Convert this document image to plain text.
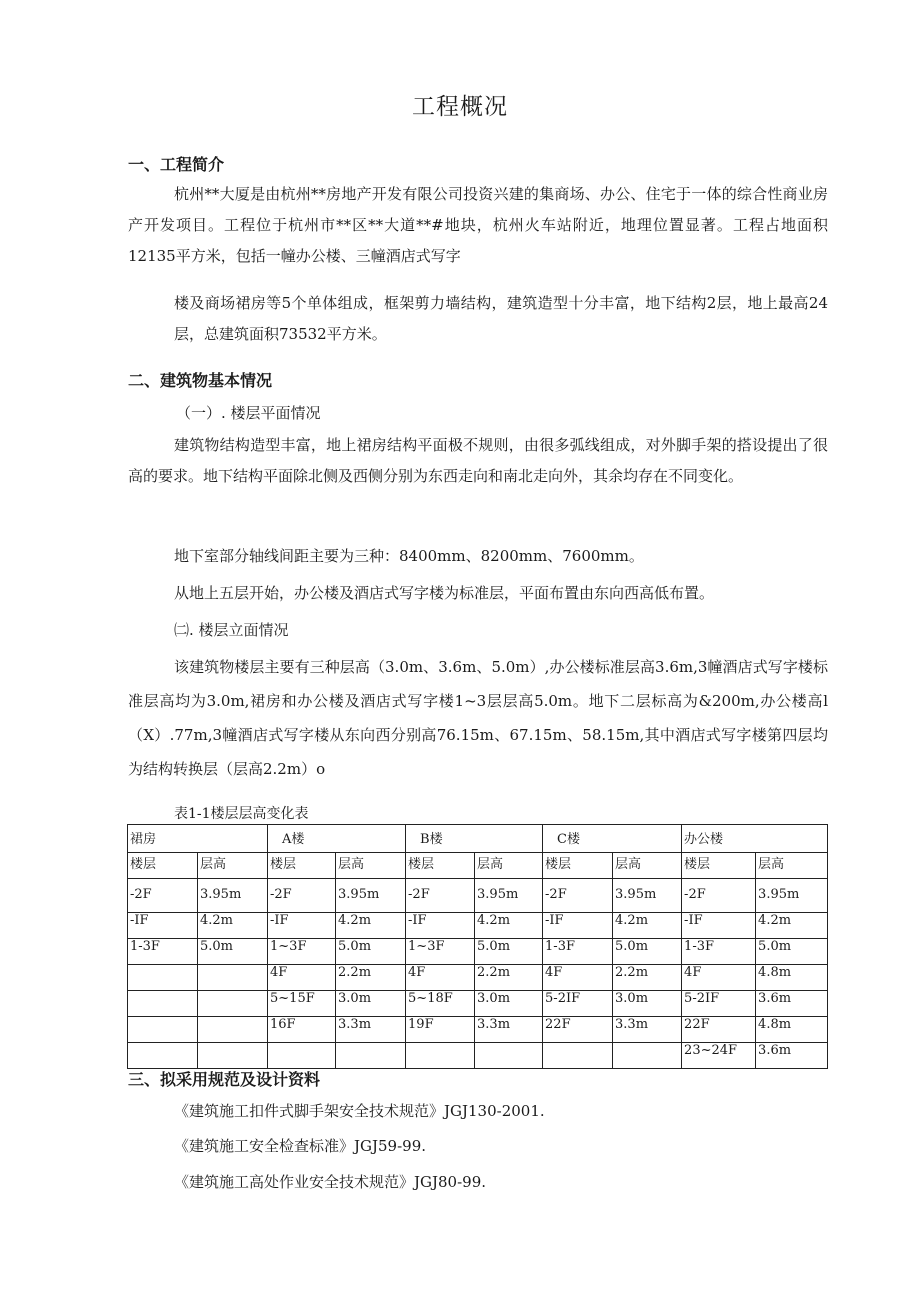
工程概况
一、工程简介
杭州**大厦是由杭州**房地产开发有限公司投资兴建的集商场、办公、住宅于一体的综合性商业房产开发项目。工程位于杭州市**区**大道**#地块，杭州火车站附近，地理位置显著。工程占地面积12135平方米，包括一幢办公楼、三幢酒店式写字
楼及商场裙房等5个单体组成，框架剪力墙结构，建筑造型十分丰富，地下结构2层，地上最高24层，总建筑面积73532平方米。
二、建筑物基本情况
（一）. 楼层平面情况
建筑物结构造型丰富，地上裙房结构平面极不规则，由很多弧线组成，对外脚手架的搭设提出了很高的要求。地下结构平面除北侧及西侧分别为东西走向和南北走向外，其余均存在不同变化。
地下室部分轴线间距主要为三种：8400mm、8200mm、7600mm。
从地上五层开始，办公楼及酒店式写字楼为标准层，平面布置由东向西高低布置。
㈡. 楼层立面情况
该建筑物楼层主要有三种层高（3.0m、3.6m、5.0m）,办公楼标准层高3.6m,3幢酒店式写字楼标准层高均为3.0m,裙房和办公楼及酒店式写字楼1~3层层高5.0m。地下二层标高为&200m,办公楼高l（X）.77m,3幢酒店式写字楼从东向西分别高76.15m、67.15m、58.15m,其中酒店式写字楼第四层均为结构转换层（层高2.2m）o
表1-1楼层层高变化表
裙房		A楼		B楼		C楼		办公楼	
楼层	层高	楼层	层高	楼层	层高	楼层	层高	楼层	层高
-2F	3.95m	-2F	3.95m	-2F	3.95m	-2F	3.95m	-2F	3.95m
-IF	4.2m	-IF	4.2m	-IF	4.2m	-IF	4.2m	-IF	4.2m
1-3F	5.0m	1~3F	5.0m	1~3F	5.0m	1-3F	5.0m	1-3F	5.0m
		4F	2.2m	4F	2.2m	4F	2.2m	4F	4.8m
		5~15F	3.0m	5~18F	3.0m	5-2IF	3.0m	5-2IF	3.6m
		16F	3.3m	19F	3.3m	22F	3.3m	22F	4.8m
								23~24F	3.6m
三、拟采用规范及设计资料
《建筑施工扣件式脚手架安全技术规范》JGJ130-2001.
《建筑施工安全检查标准》JGJ59-99.
《建筑施工高处作业安全技术规范》JGJ80-99.
